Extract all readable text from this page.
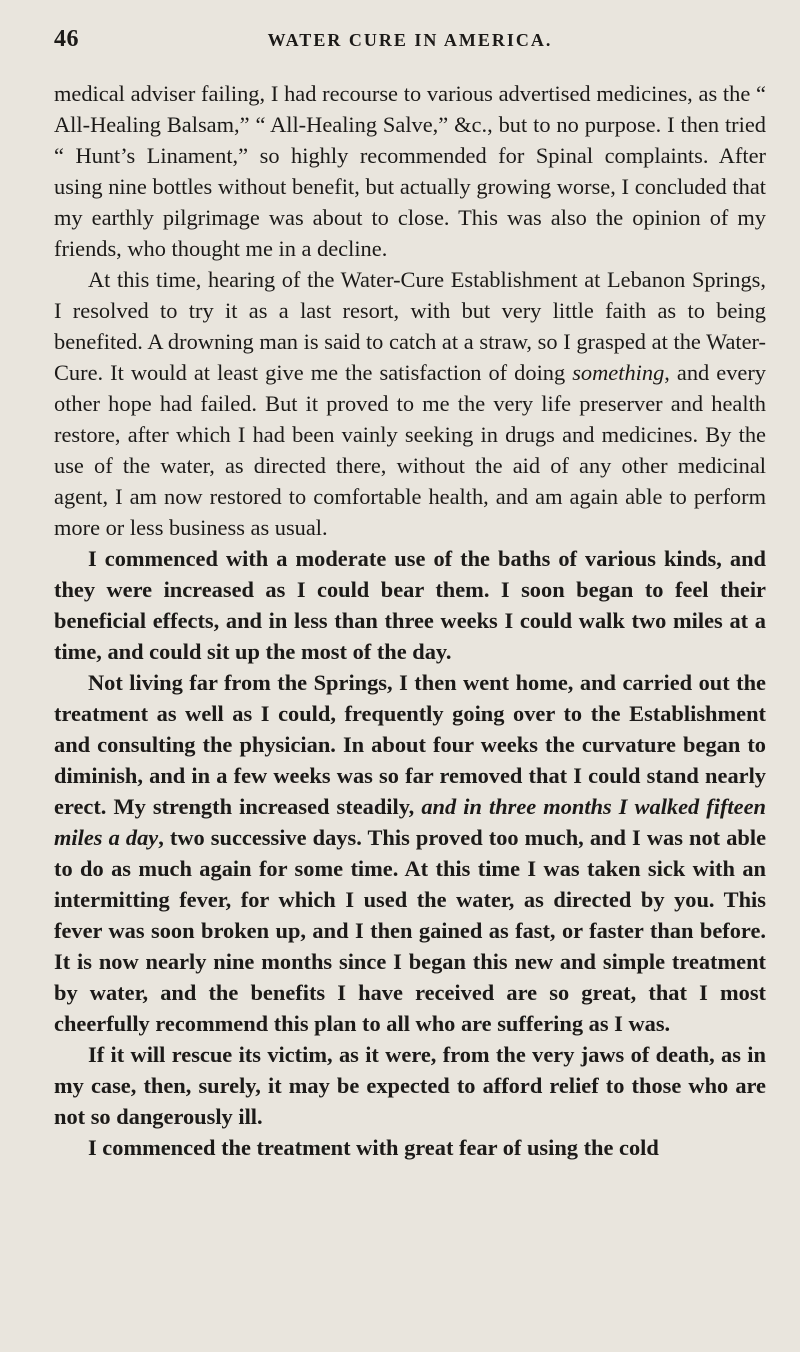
46	WATER CURE IN AMERICA.

medical adviser failing, I had recourse to various advertised medicines, as the “ All-Healing Balsam,” “ All-Healing Salve,” &c., but to no purpose. I then tried “ Hunt’s Linament,” so highly recommended for Spinal complaints. After using nine bottles without benefit, but actually growing worse, I concluded that my earthly pilgrimage was about to close. This was also the opinion of my friends, who thought me in a decline.

At this time, hearing of the Water-Cure Establishment at Lebanon Springs, I resolved to try it as a last resort, with but very little faith as to being benefited. A drowning man is said to catch at a straw, so I grasped at the Water-Cure. It would at least give me the satisfaction of doing something, and every other hope had failed. But it proved to me the very life preserver and health restore, after which I had been vainly seeking in drugs and medicines. By the use of the water, as directed there, without the aid of any other medicinal agent, I am now restored to comfortable health, and am again able to perform more or less business as usual.

I commenced with a moderate use of the baths of various kinds, and they were increased as I could bear them. I soon began to feel their beneficial effects, and in less than three weeks I could walk two miles at a time, and could sit up the most of the day.

Not living far from the Springs, I then went home, and carried out the treatment as well as I could, frequently going over to the Establishment and consulting the physician. In about four weeks the curvature began to diminish, and in a few weeks was so far removed that I could stand nearly erect. My strength increased steadily, and in three months I walked fifteen miles a day, two successive days. This proved too much, and I was not able to do as much again for some time. At this time I was taken sick with an intermitting fever, for which I used the water, as directed by you. This fever was soon broken up, and I then gained as fast, or faster than before. It is now nearly nine months since I began this new and simple treatment by water, and the benefits I have received are so great, that I most cheerfully recommend this plan to all who are suffering as I was.

If it will rescue its victim, as it were, from the very jaws of death, as in my case, then, surely, it may be expected to afford relief to those who are not so dangerously ill.

I commenced the treatment with great fear of using the cold
